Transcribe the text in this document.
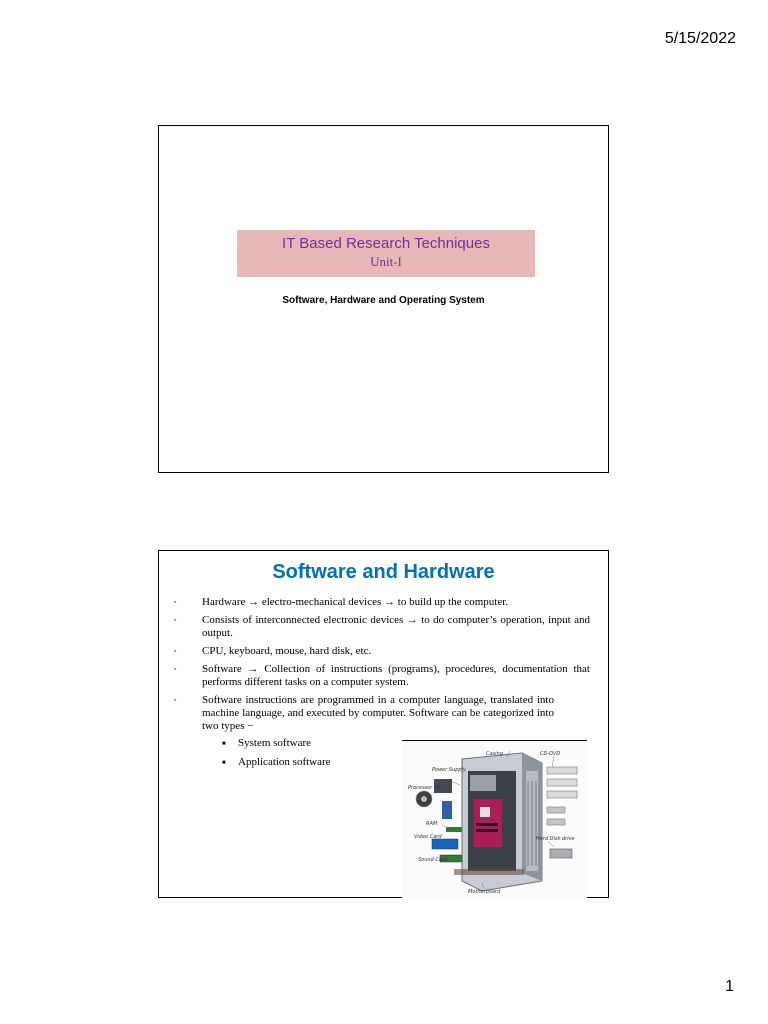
5/15/2022
IT Based Research Techniques
Unit-I
Software, Hardware and Operating System
Software and Hardware
▪ Hardware → electro-mechanical devices → to build up the computer.
▪ Consists of interconnected electronic devices → to do computer’s operation, input and output.
▪ CPU, keyboard, mouse, hard disk, etc.
▪ Software → Collection of instructions (programs), procedures, documentation that performs different tasks on a computer system.
▪ Software instructions are programmed in a computer language, translated into machine language, and executed by computer. Software can be categorized into two types −
■ System software
■ Application software
Casing	CD-DVD
Power Supply
Processor fan
RAM
Video Card	Hard Disk drive
Sound Card
Motherboard
1
